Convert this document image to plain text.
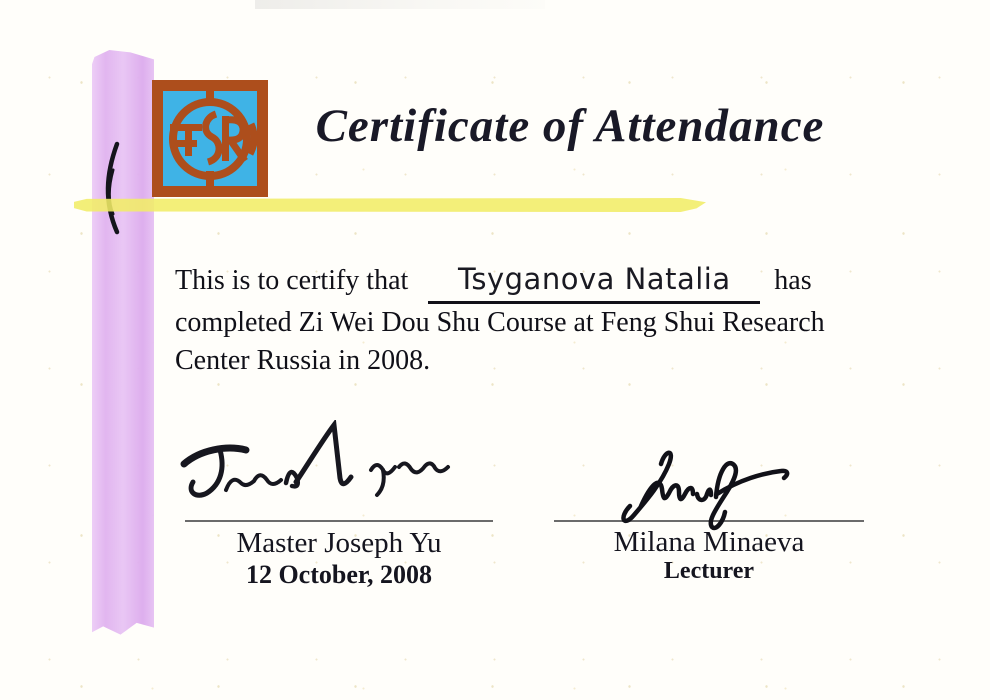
Certificate of Attendance
This is to certify that	Tsyganova Natalia	has
completed Zi Wei Dou Shu Course at Feng Shui Research
Center Russia in 2008.
Master Joseph Yu
12 October, 2008
Milana Minaeva
Lecturer
